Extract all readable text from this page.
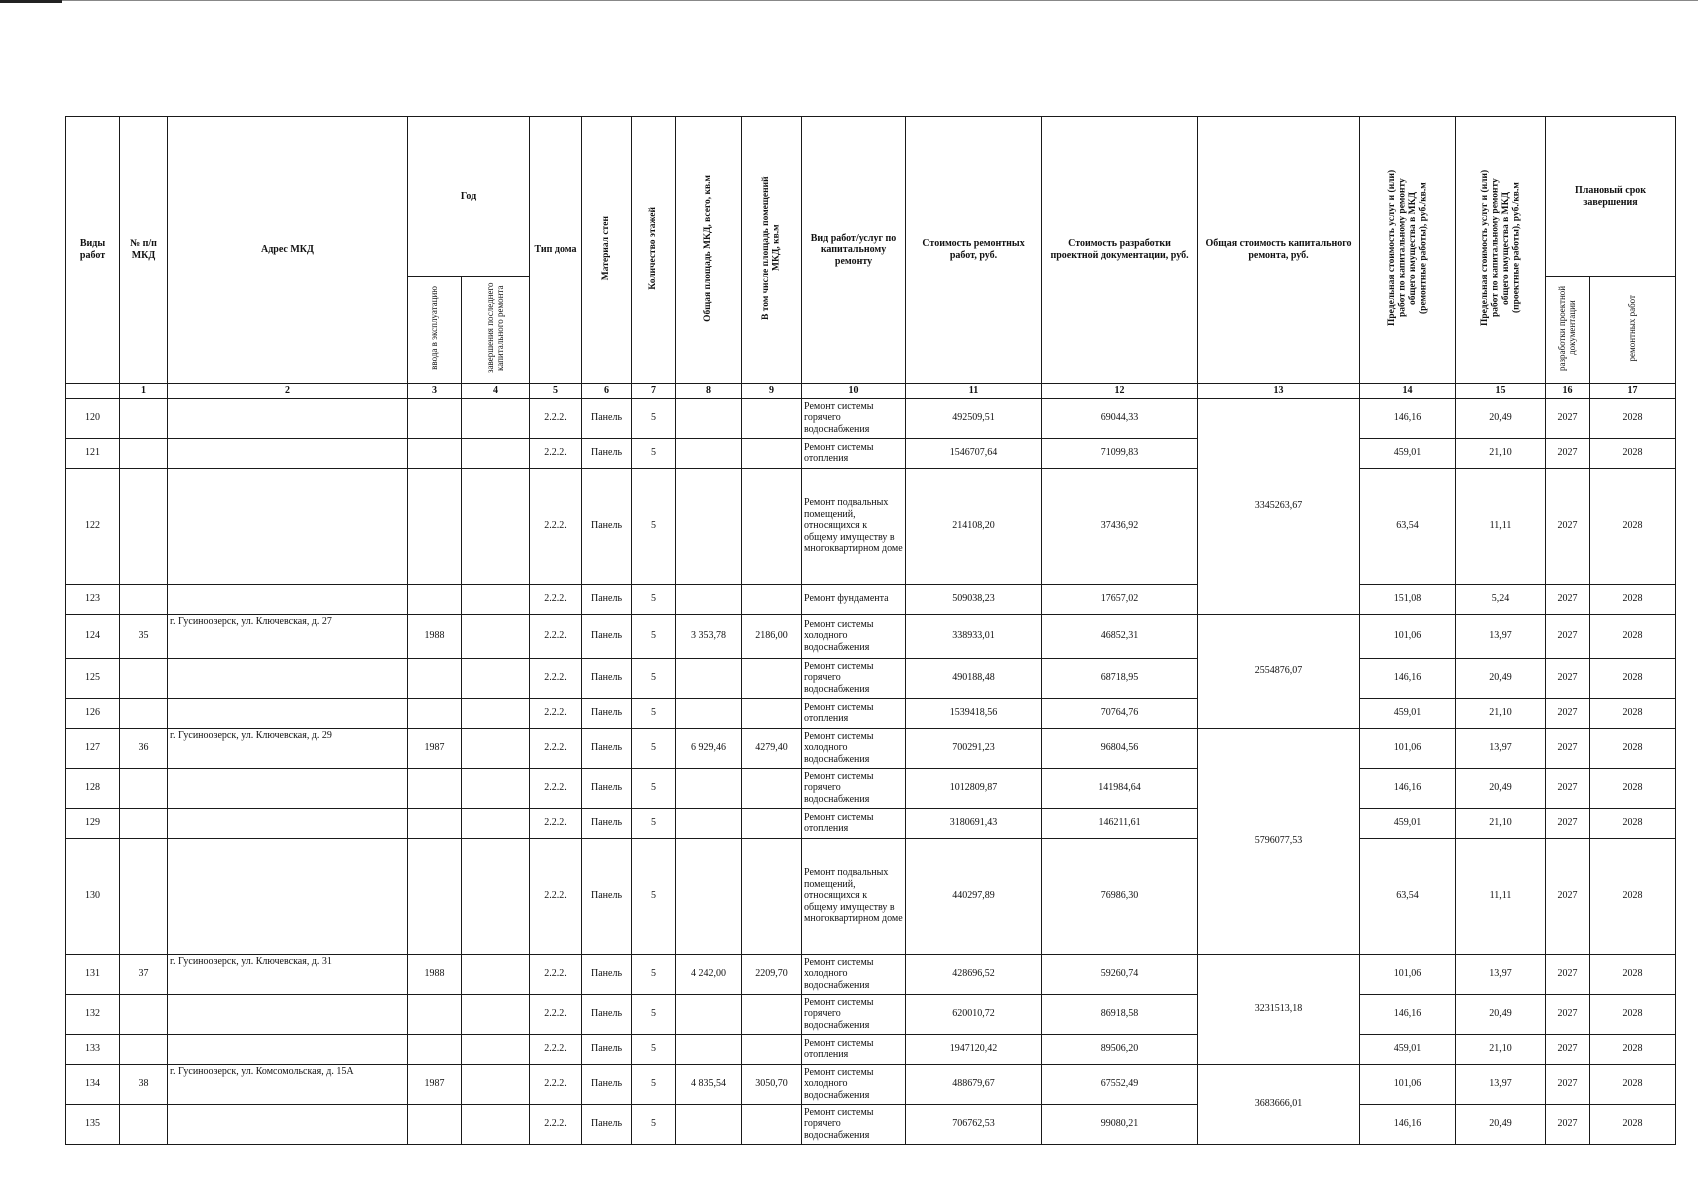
Виды работ	№ п/п МКД	Адрес МКД	Год		Тип дома	Материал стен	Количество этажей	Общая площадь МКД, всего, кв.м	В том числе площадь помещений МКД, кв.м	Вид работ/услуг по капитальному ремонту	Стоимость ремонтных работ, руб.	Стоимость разработки проектной документации, руб.	Общая стоимость капитального ремонта, руб.	Предельная стоимость услуг и (или) работ по капитальному ремонту общего имущества в МКД (ремонтные работы), руб./кв.м	Предельная стоимость услуг и (или) работ по капитальному ремонту общего имущества в МКД (проектные работы), руб./кв.м	Плановый срок завершения	
			ввода в эксплуатацию	завершения последнего капитального ремонта												разработки проектной документации	ремонтных работ
	1	2	3	4	5	6	7	8	9	10	11	12	13	14	15	16	17
120					2.2.2.	Панель	5			Ремонт системы горячего водоснабжения	492509,51	69044,33	3345263,67	146,16	20,49	2027	2028
121					2.2.2.	Панель	5			Ремонт системы отопления	1546707,64	71099,83		459,01	21,10	2027	2028
122					2.2.2.	Панель	5			Ремонт подвальных помещений, относящихся к общему имуществу в многоквартирном доме	214108,20	37436,92		63,54	11,11	2027	2028
123					2.2.2.	Панель	5			Ремонт фундамента	509038,23	17657,02		151,08	5,24	2027	2028
124	35	г. Гусиноозерск, ул. Ключевская, д. 27	1988		2.2.2.	Панель	5	3 353,78	2186,00	Ремонт системы холодного водоснабжения	338933,01	46852,31	2554876,07	101,06	13,97	2027	2028
125					2.2.2.	Панель	5			Ремонт системы горячего водоснабжения	490188,48	68718,95		146,16	20,49	2027	2028
126					2.2.2.	Панель	5			Ремонт системы отопления	1539418,56	70764,76		459,01	21,10	2027	2028
127	36	г. Гусиноозерск, ул. Ключевская, д. 29	1987		2.2.2.	Панель	5	6 929,46	4279,40	Ремонт системы холодного водоснабжения	700291,23	96804,56	5796077,53	101,06	13,97	2027	2028
128					2.2.2.	Панель	5			Ремонт системы горячего водоснабжения	1012809,87	141984,64		146,16	20,49	2027	2028
129					2.2.2.	Панель	5			Ремонт системы отопления	3180691,43	146211,61		459,01	21,10	2027	2028
130					2.2.2.	Панель	5			Ремонт подвальных помещений, относящихся к общему имуществу в многоквартирном доме	440297,89	76986,30		63,54	11,11	2027	2028
131	37	г. Гусиноозерск, ул. Ключевская, д. 31	1988		2.2.2.	Панель	5	4 242,00	2209,70	Ремонт системы холодного водоснабжения	428696,52	59260,74	3231513,18	101,06	13,97	2027	2028
132					2.2.2.	Панель	5			Ремонт системы горячего водоснабжения	620010,72	86918,58		146,16	20,49	2027	2028
133					2.2.2.	Панель	5			Ремонт системы отопления	1947120,42	89506,20		459,01	21,10	2027	2028
134	38	г. Гусиноозерск, ул. Комсомольская, д. 15А	1987		2.2.2.	Панель	5	4 835,54	3050,70	Ремонт системы холодного водоснабжения	488679,67	67552,49	3683666,01	101,06	13,97	2027	2028
135					2.2.2.	Панель	5			Ремонт системы горячего водоснабжения	706762,53	99080,21		146,16	20,49	2027	2028
